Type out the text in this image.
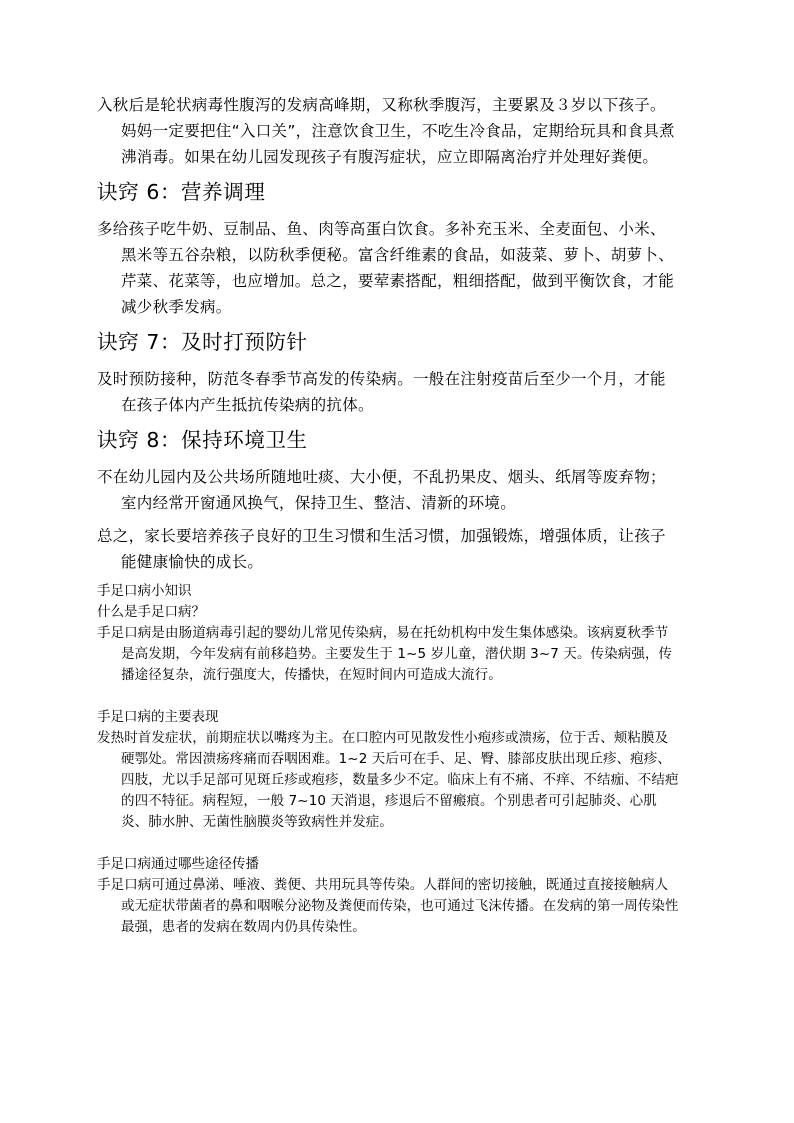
入秋后是轮状病毒性腹泻的发病高峰期，又称秋季腹泻，主要累及３岁以下孩子。妈妈一定要把住“入口关”，注意饮食卫生，不吃生冷食品，定期给玩具和食具煮沸消毒。如果在幼儿园发现孩子有腹泻症状，应立即隔离治疗并处理好粪便。

诀窍 6：营养调理

多给孩子吃牛奶、豆制品、鱼、肉等高蛋白饮食。多补充玉米、全麦面包、小米、黑米等五谷杂粮，以防秋季便秘。富含纤维素的食品，如菠菜、萝卜、胡萝卜、芹菜、花菜等，也应增加。总之，要荤素搭配，粗细搭配，做到平衡饮食，才能减少秋季发病。

诀窍 7：及时打预防针

及时预防接种，防范冬春季节高发的传染病。一般在注射疫苗后至少一个月，才能在孩子体内产生抵抗传染病的抗体。

诀窍 8：保持环境卫生

不在幼儿园内及公共场所随地吐痰、大小便，不乱扔果皮、烟头、纸屑等废弃物；室内经常开窗通风换气，保持卫生、整洁、清新的环境。

总之，家长要培养孩子良好的卫生习惯和生活习惯，加强锻炼，增强体质，让孩子能健康愉快的成长。

手足口病小知识

什么是手足口病？

手足口病是由肠道病毒引起的婴幼儿常见传染病，易在托幼机构中发生集体感染。该病夏秋季节是高发期，今年发病有前移趋势。主要发生于 1~5 岁儿童，潜伏期 3~7 天。传染病强，传播途径复杂，流行强度大，传播快，在短时间内可造成大流行。

手足口病的主要表现

发热时首发症状，前期症状以嘴疼为主。在口腔内可见散发性小疱疹或溃疡，位于舌、颊粘膜及硬鄂处。常因溃疡疼痛而吞咽困难。1~2 天后可在手、足、臀、膝部皮肤出现丘疹、疱疹、四肢，尤以手足部可见斑丘疹或疱疹，数量多少不定。临床上有不痛、不痒、不结痂、不结疤的四不特征。病程短，一般 7~10 天消退，疹退后不留瘢痕。个别患者可引起肺炎、心肌炎、肺水肿、无菌性脑膜炎等致病性并发症。

手足口病通过哪些途径传播

手足口病可通过鼻涕、唾液、粪便、共用玩具等传染。人群间的密切接触，既通过直接接触病人或无症状带菌者的鼻和咽喉分泌物及粪便而传染，也可通过飞沫传播。在发病的第一周传染性最强，患者的发病在数周内仍具传染性。
